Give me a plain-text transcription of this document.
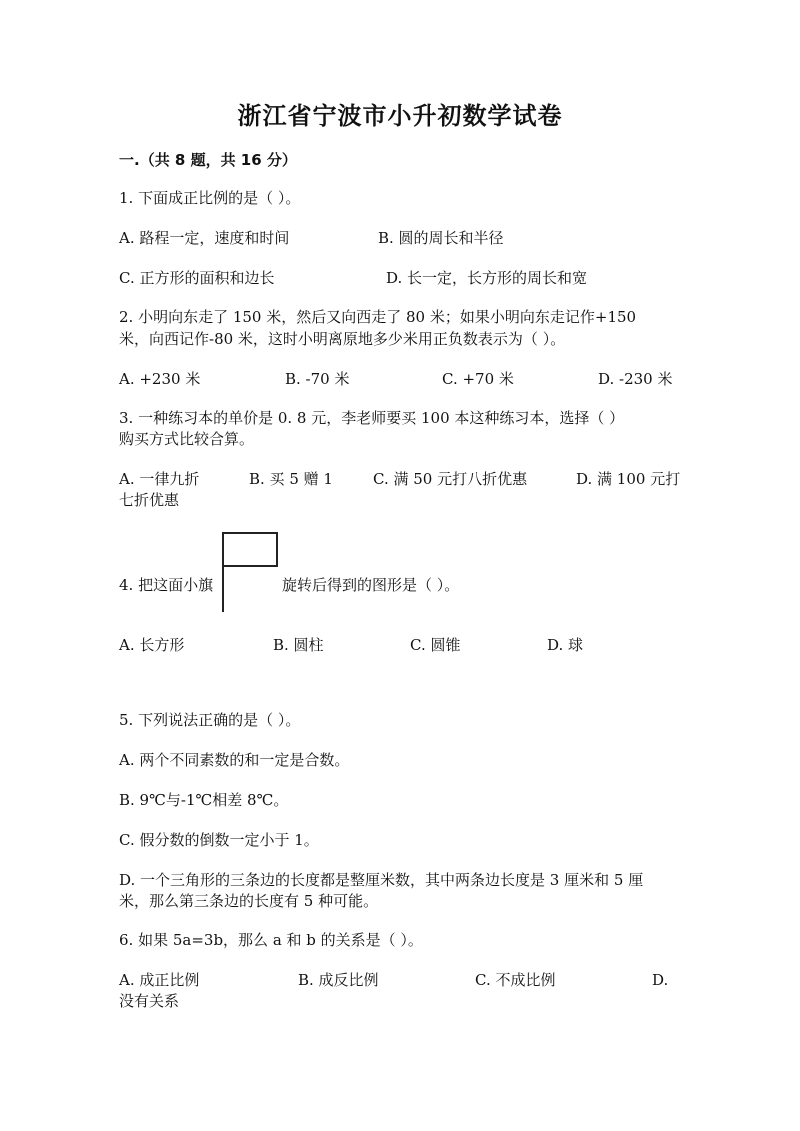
浙江省宁波市小升初数学试卷
一.（共 8 题，共 16 分）
1. 下面成正比例的是（ ）。
A. 路程一定，速度和时间	B. 圆的周长和半径
C. 正方形的面积和边长	D. 长一定，长方形的周长和宽
2. 小明向东走了 150 米，然后又向西走了 80 米；如果小明向东走记作+150
米，向西记作-80 米，这时小明离原地多少米用正负数表示为（ ）。
A. +230 米	B. -70 米	C. +70 米	D. -230 米
3. 一种练习本的单价是 0. 8 元，李老师要买 100 本这种练习本，选择（ ）
购买方式比较合算。
A. 一律九折	B. 买 5 赠 1	C. 满 50 元打八折优惠	D. 满 100 元打
七折优惠
4. 把这面小旗	旋转后得到的图形是（ ）。
A. 长方形	B. 圆柱	C. 圆锥	D. 球
5. 下列说法正确的是（ ）。
A. 两个不同素数的和一定是合数。
B. 9℃与-1℃相差 8℃。
C. 假分数的倒数一定小于 1。
D. 一个三角形的三条边的长度都是整厘米数，其中两条边长度是 3 厘米和 5 厘
米，那么第三条边的长度有 5 种可能。
6. 如果 5a=3b，那么 a 和 b 的关系是（ ）。
A. 成正比例	B. 成反比例	C. 不成比例	D.
没有关系
